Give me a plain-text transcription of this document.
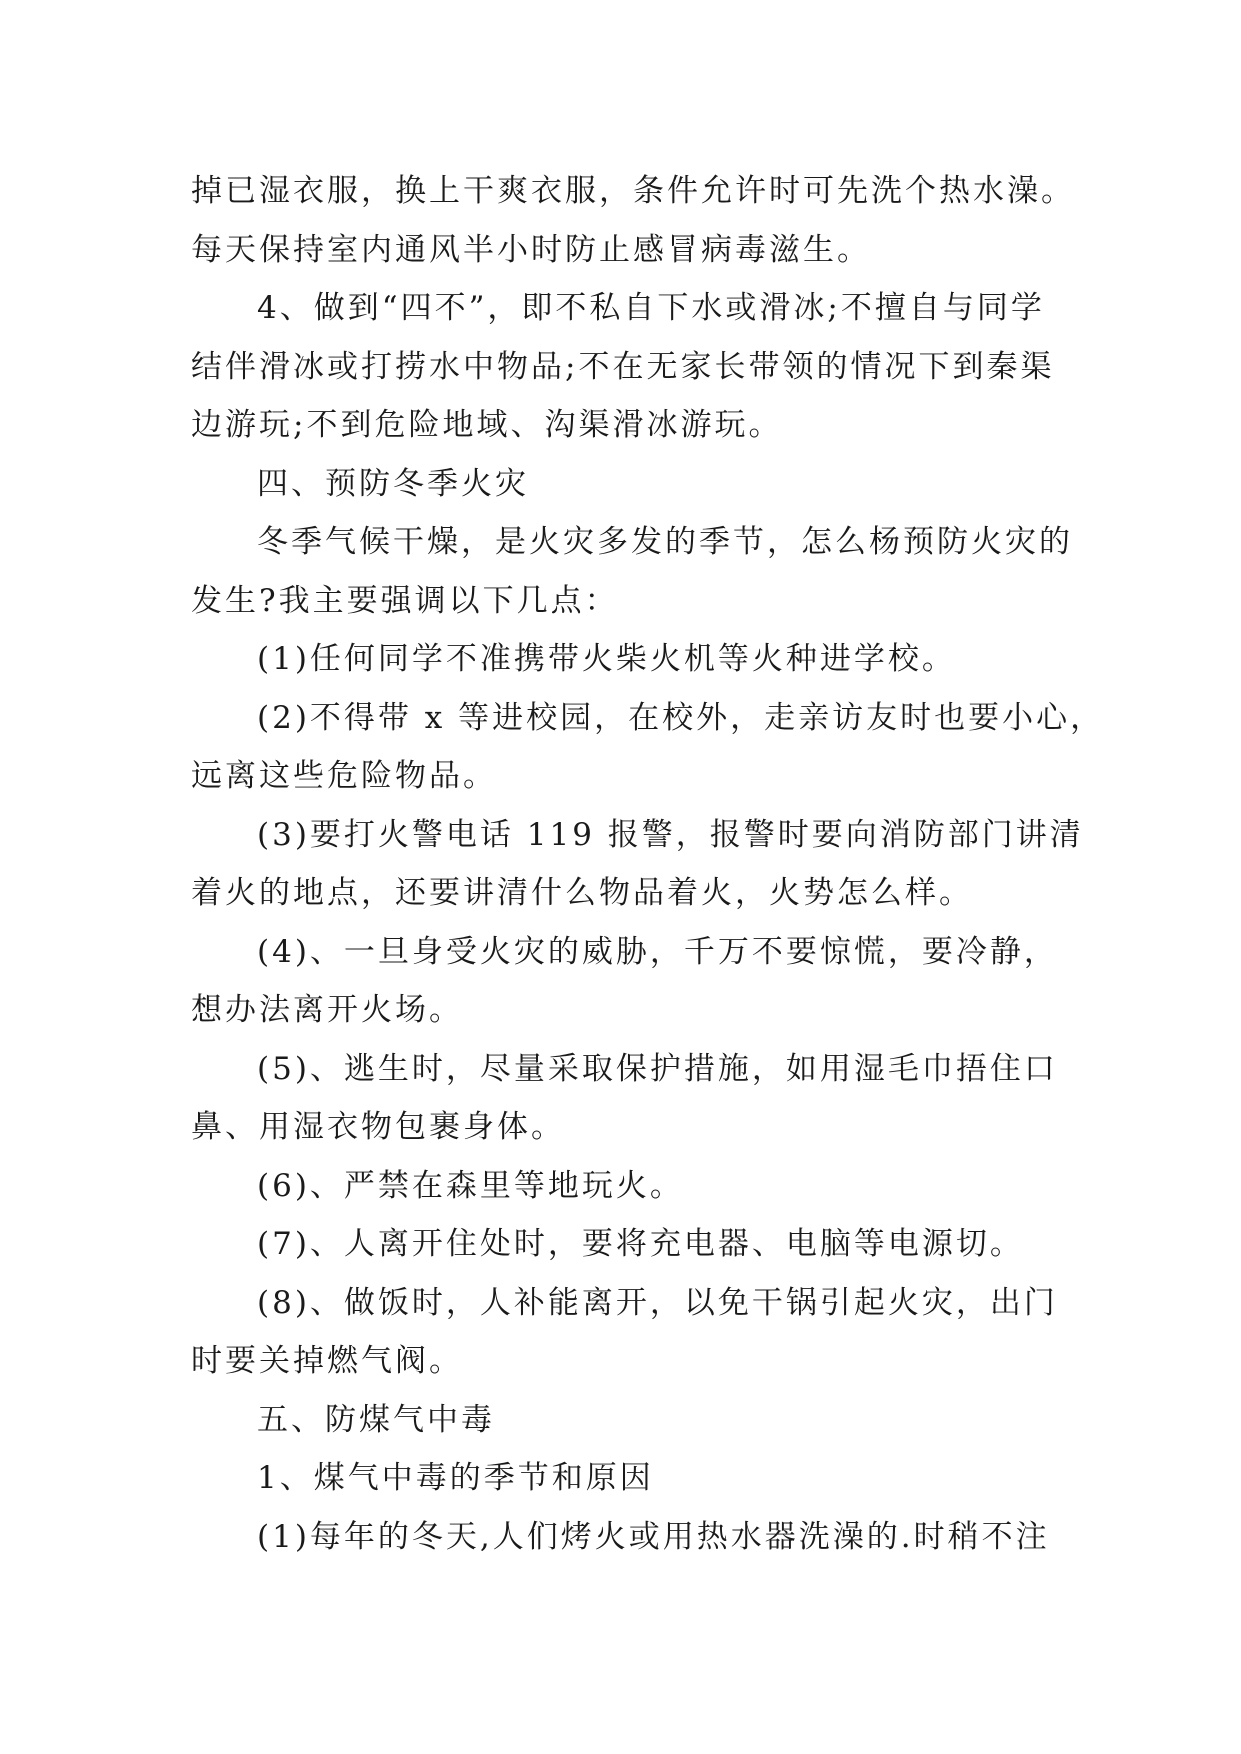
掉已湿衣服，换上干爽衣服，条件允许时可先洗个热水澡。
每天保持室内通风半小时防止感冒病毒滋生。
4、做到“四不”，即不私自下水或滑冰;不擅自与同学
结伴滑冰或打捞水中物品;不在无家长带领的情况下到秦渠
边游玩;不到危险地域、沟渠滑冰游玩。
四、预防冬季火灾
冬季气候干燥，是火灾多发的季节，怎么杨预防火灾的
发生?我主要强调以下几点：
(1)任何同学不准携带火柴火机等火种进学校。
(2)不得带 x 等进校园，在校外，走亲访友时也要小心，
远离这些危险物品。
(3)要打火警电话 119 报警，报警时要向消防部门讲清
着火的地点，还要讲清什么物品着火，火势怎么样。
(4)、一旦身受火灾的威胁，千万不要惊慌，要冷静，
想办法离开火场。
(5)、逃生时，尽量采取保护措施，如用湿毛巾捂住口
鼻、用湿衣物包裹身体。
(6)、严禁在森里等地玩火。
(7)、人离开住处时，要将充电器、电脑等电源切。
(8)、做饭时，人补能离开，以免干锅引起火灾，出门
时要关掉燃气阀。
五、防煤气中毒
1、煤气中毒的季节和原因
(1)每年的冬天,人们烤火或用热水器洗澡的.时稍不注
